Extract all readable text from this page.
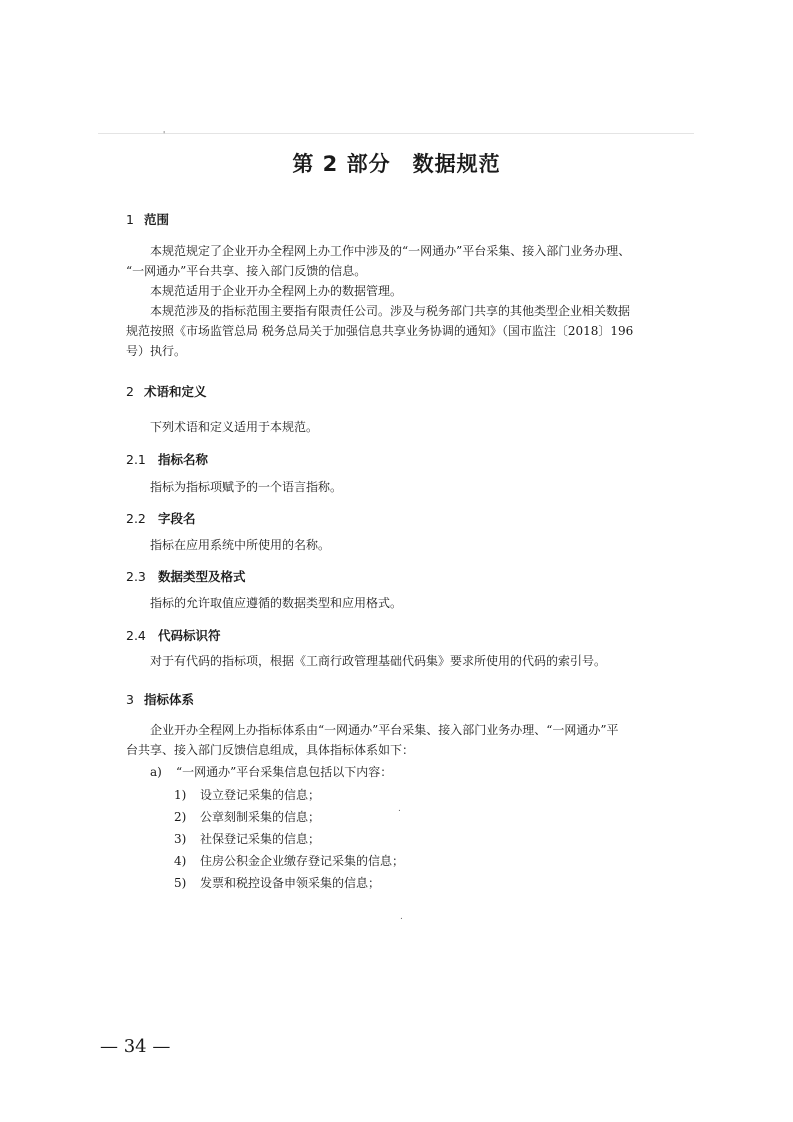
'
第 2 部分　数据规范
1 范围
本规范规定了企业开办全程网上办工作中涉及的“一网通办”平台采集、接入部门业务办理、
“一网通办”平台共享、接入部门反馈的信息。
本规范适用于企业开办全程网上办的数据管理。
本规范涉及的指标范围主要指有限责任公司。涉及与税务部门共享的其他类型企业相关数据
规范按照《市场监管总局 税务总局关于加强信息共享业务协调的通知》（国市监注〔2018〕196
号）执行。
2 术语和定义
下列术语和定义适用于本规范。
2.1 指标名称
指标为指标项赋予的一个语言指称。
2.2 字段名
指标在应用系统中所使用的名称。
2.3 数据类型及格式
指标的允许取值应遵循的数据类型和应用格式。
2.4 代码标识符
对于有代码的指标项，根据《工商行政管理基础代码集》要求所使用的代码的索引号。
3 指标体系
企业开办全程网上办指标体系由“一网通办”平台采集、接入部门业务办理、“一网通办”平
台共享、接入部门反馈信息组成，具体指标体系如下：
a) “一网通办”平台采集信息包括以下内容：
1) 设立登记采集的信息；
2) 公章刻制采集的信息；
3) 社保登记采集的信息；
4) 住房公积金企业缴存登记采集的信息；
5) 发票和税控设备申领采集的信息；
.
.
— 34 —
